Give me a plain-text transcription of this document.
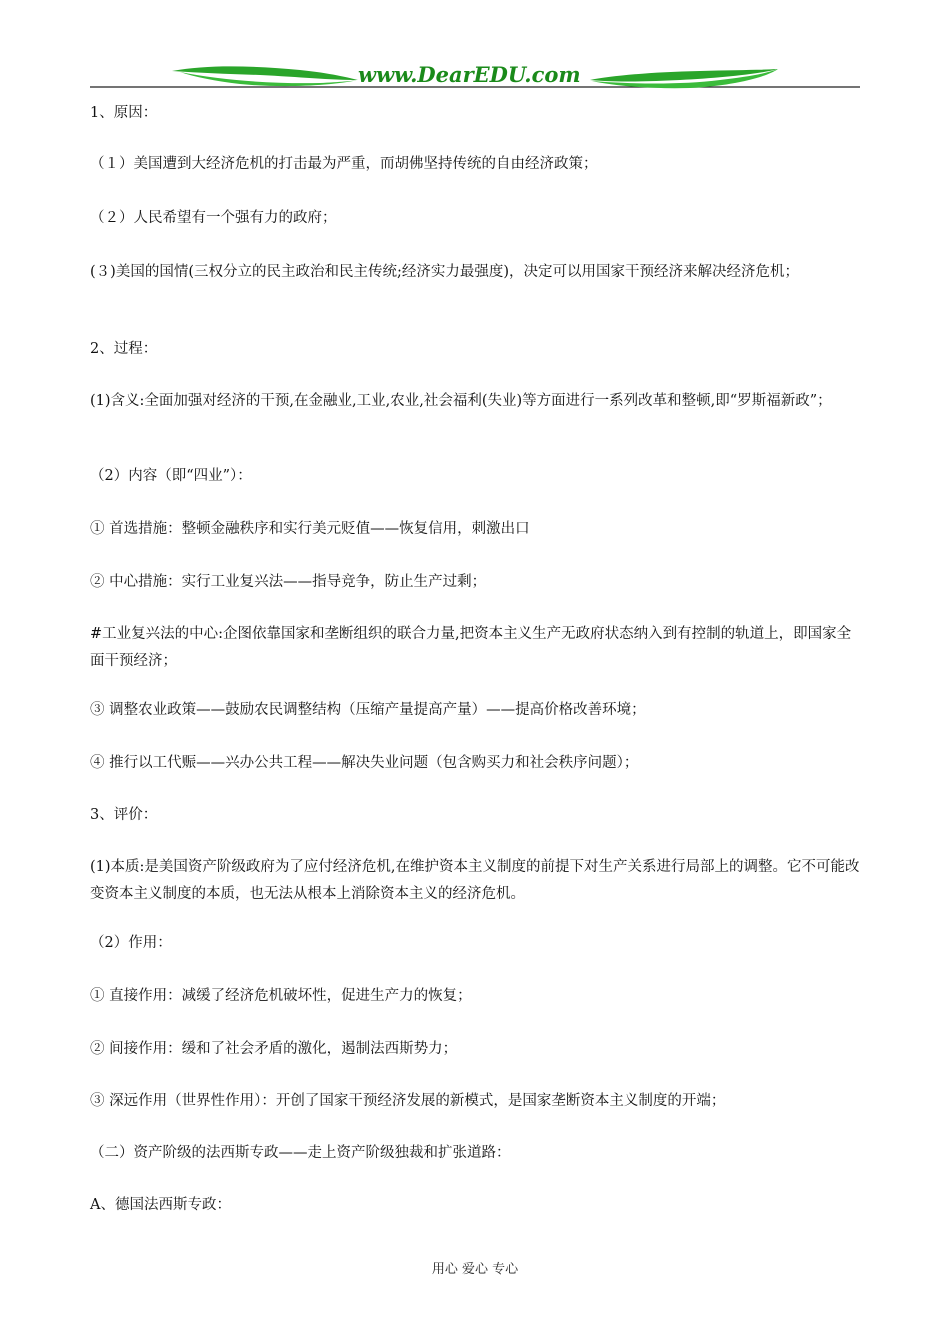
www.DearEDU.com

1、原因：

（１）美国遭到大经济危机的打击最为严重，而胡佛坚持传统的自由经济政策；

（２）人民希望有一个强有力的政府；

(３)美国的国情(三权分立的民主政治和民主传统;经济实力最强度)，决定可以用国家干预经济来解决经济危机；

2、过程：

(1)含义:全面加强对经济的干预,在金融业,工业,农业,社会福利(失业)等方面进行一系列改革和整顿,即“罗斯福新政”；

（2）内容（即“四业”）：

① 首选措施：整顿金融秩序和实行美元贬值——恢复信用，刺激出口

② 中心措施：实行工业复兴法——指导竞争，防止生产过剩；

#工业复兴法的中心:企图依靠国家和垄断组织的联合力量,把资本主义生产无政府状态纳入到有控制的轨道上，即国家全面干预经济；

③ 调整农业政策——鼓励农民调整结构（压缩产量提高产量）——提高价格改善环境；

④ 推行以工代赈——兴办公共工程——解决失业问题（包含购买力和社会秩序问题）；

3、评价：

(1)本质:是美国资产阶级政府为了应付经济危机,在维护资本主义制度的前提下对生产关系进行局部上的调整。它不可能改变资本主义制度的本质，也无法从根本上消除资本主义的经济危机。

（2）作用：

① 直接作用：减缓了经济危机破坏性，促进生产力的恢复；

② 间接作用：缓和了社会矛盾的激化，遏制法西斯势力；

③ 深远作用（世界性作用）：开创了国家干预经济发展的新模式，是国家垄断资本主义制度的开端；

（二）资产阶级的法西斯专政——走上资产阶级独裁和扩张道路：

A、德国法西斯专政：

用心 爱心 专心
